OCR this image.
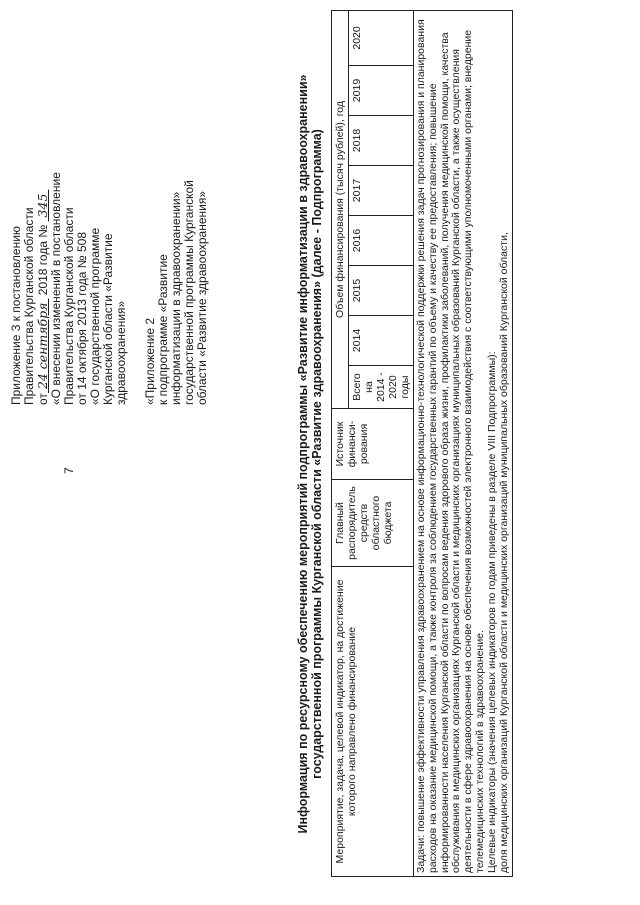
7

Приложение 3 к постановлению Правительства Курганской области от 24 сентября  2018 года №  345 «О внесении изменений в постановление Правительства Курганской области от 14 октября 2013 года № 508 «О государственной программе Курганской области «Развитие здравоохранения» «Приложение 2 к подпрограмме «Развитие информатизации в здравоохранении» государственной программы Курганской области «Развитие здравоохранения»	Информация по ресурсному обеспечению мероприятий подпрограммы «Развитие информатизации в здравоохранении» государственной программы Курганской области «Развитие здравоохранения» (далее - Подпрограмма) Мероприятие, задача, целевой индикатор, на достижение которого направлено финансирование	Главный распорядитель средств областного бюджета	Источник финанси-рования	Объем финансирования (тысяч рублей), год							
			Всего на 2014 - 2020 годы	2014	2015	2016	2017	2018	2019	2020

Задачи: повышение эффективности управления здравоохранением на основе информационно-технологической поддержки решения задач прогнозирования и планирования расходов на оказание медицинской помощи, а также контроля за соблюдением государственных гарантий по объему и качеству ее предоставления; повышение информированности населения Курганской области по вопросам ведения здорового образа жизни, профилактики заболеваний, получения медицинской помощи, качества обслуживания в медицинских организациях Курганской области и медицинских организациях муниципальных образований Курганской области, а также осуществления деятельности в сфере здравоохранения на основе обеспечения возможностей электронного взаимодействия с соответствующими уполномоченными органами; внедрение телемедицинских технологий в здравоохранение. Целевые индикаторы (значения целевых индикаторов по годам приведены в разделе VIII Подпрограммы): доля медицинских организаций Курганской области и медицинских организаций муниципальных образований Курганской области,										
